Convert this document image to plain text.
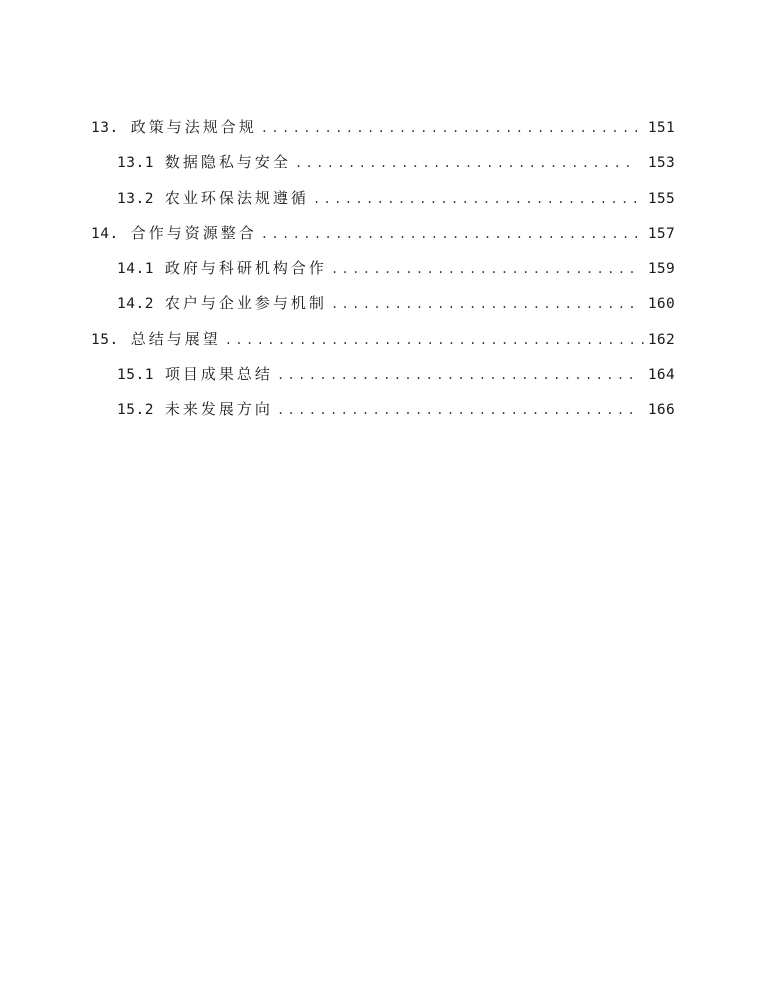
13. 政策与法规合规 .....	151
13.1 数据隐私与安全 .....	153
13.2 农业环保法规遵循 .....	155
14. 合作与资源整合 .....	157
14.1 政府与科研机构合作 .....	159
14.2 农户与企业参与机制 .....	160
15. 总结与展望 .....	162
15.1 项目成果总结 .....	164
15.2 未来发展方向 .....	166
